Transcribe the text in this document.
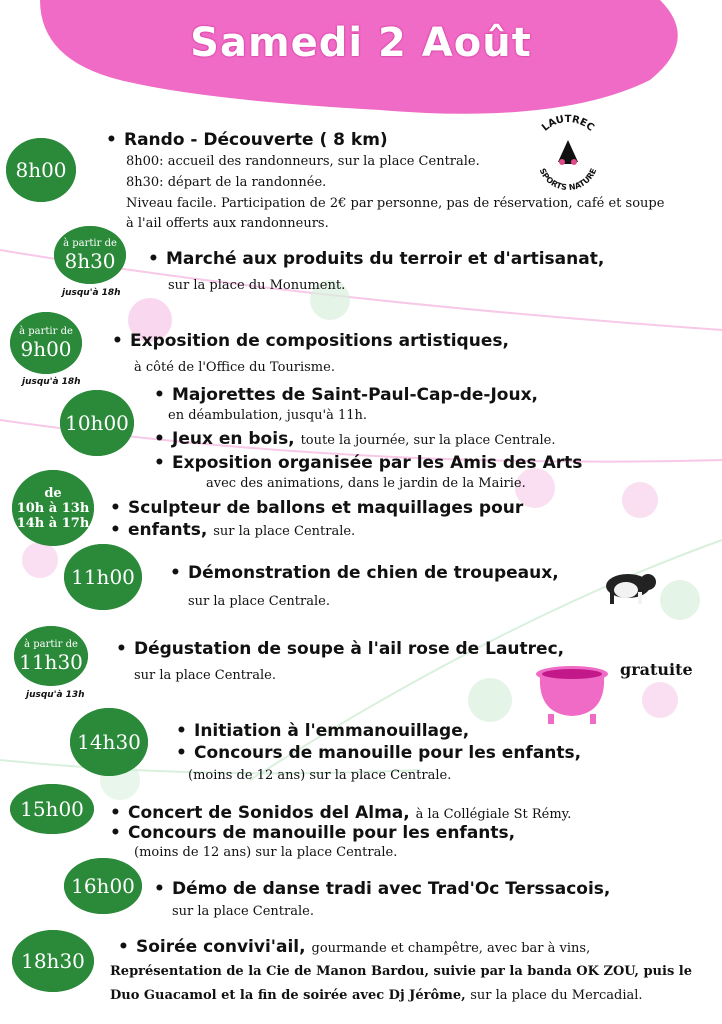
Samedi 2 Août
LAUTREC
SPORTS NATURE
8h00
• Rando - Découverte ( 8 km)
8h00: accueil des randonneurs, sur la place Centrale.
8h30: départ de la randonnée.
Niveau facile. Participation de 2€ par personne, pas de réservation, café et soupe
à l'ail offerts aux randonneurs.
à partir de
8h30
jusqu'à 18h
• Marché aux produits du terroir et d'artisanat,
sur la place du Monument.
à partir de
9h00
jusqu'à 18h
• Exposition de compositions artistiques,
à côté de l'Office du Tourisme.
10h00
• Majorettes de Saint-Paul-Cap-de-Joux,
en déambulation, jusqu'à 11h.
• Jeux en bois, toute la journée, sur la place Centrale.
• Exposition organisée par les Amis des Arts
avec des animations, dans le jardin de la Mairie.
de
10h à 13h
14h à 17h
• Sculpteur de ballons et maquillages pour
• enfants, sur la place Centrale.
11h00	• Démonstration de chien de troupeaux,
sur la place Centrale.
à partir de
11h30
jusqu'à 13h
• Dégustation de soupe à l'ail rose de Lautrec,
sur la place Centrale.	gratuite
14h30	• Initiation à l'emmanouillage,
• Concours de manouille pour les enfants,
(moins de 12 ans) sur la place Centrale.
15h00	• Concert de Sonidos del Alma, à la Collégiale St Rémy.
• Concours de manouille pour les enfants,
(moins de 12 ans) sur la place Centrale.
16h00 • Démo de danse tradi avec Trad'Oc Terssacois,
sur la place Centrale.
18h30
• Soirée convivi'ail, gourmande et champêtre, avec bar à vins,
Représentation de la Cie de Manon Bardou, suivie par la banda OK ZOU, puis le
Duo Guacamol et la fin de soirée avec Dj Jérôme, sur la place du Mercadial.
